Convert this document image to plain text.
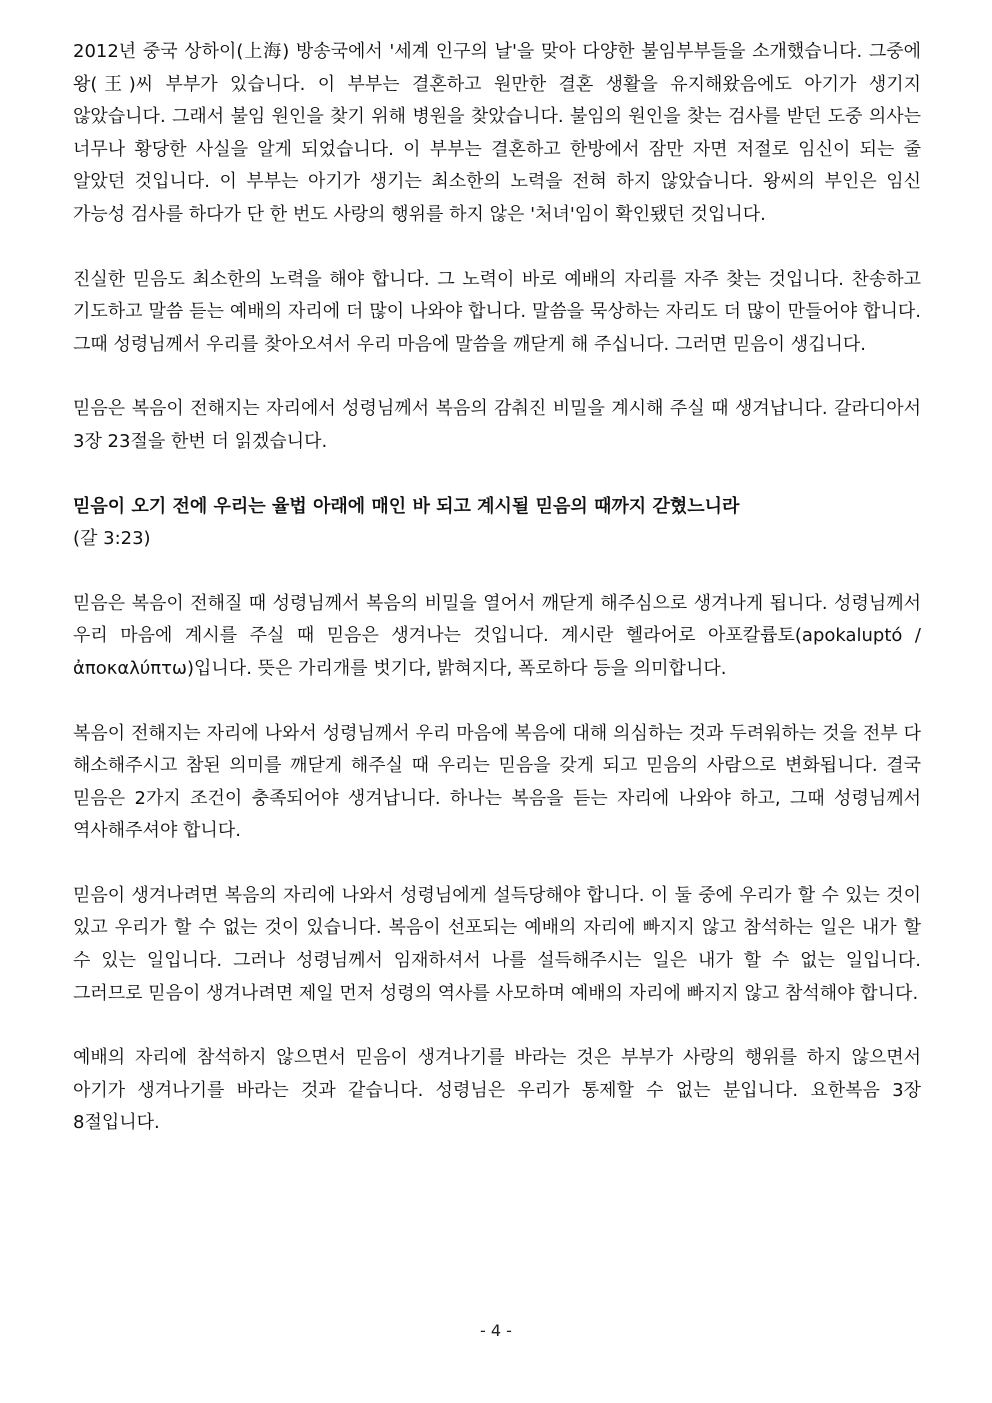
2012년 중국 상하이(上海) 방송국에서 '세계 인구의 날'을 맞아 다양한 불임부부들을 소개했습니다. 그중에 왕(王)씨 부부가 있습니다. 이 부부는 결혼하고 원만한 결혼 생활을 유지해왔음에도 아기가 생기지 않았습니다. 그래서 불임 원인을 찾기 위해 병원을 찾았습니다. 불임의 원인을 찾는 검사를 받던 도중 의사는 너무나 황당한 사실을 알게 되었습니다. 이 부부는 결혼하고 한방에서 잠만 자면 저절로 임신이 되는 줄 알았던 것입니다. 이 부부는 아기가 생기는 최소한의 노력을 전혀 하지 않았습니다. 왕씨의 부인은 임신 가능성 검사를 하다가 단 한 번도 사랑의 행위를 하지 않은 '처녀'임이 확인됐던 것입니다.

진실한 믿음도 최소한의 노력을 해야 합니다. 그 노력이 바로 예배의 자리를 자주 찾는 것입니다. 찬송하고 기도하고 말씀 듣는 예배의 자리에 더 많이 나와야 합니다. 말씀을 묵상하는 자리도 더 많이 만들어야 합니다. 그때 성령님께서 우리를 찾아오셔서 우리 마음에 말씀을 깨닫게 해 주십니다. 그러면 믿음이 생깁니다.

믿음은 복음이 전해지는 자리에서 성령님께서 복음의 감춰진 비밀을 계시해 주실 때 생겨납니다. 갈라디아서 3장 23절을 한번 더 읽겠습니다.

믿음이 오기 전에 우리는 율법 아래에 매인 바 되고 계시될 믿음의 때까지 갇혔느니라

(갈 3:23)

믿음은 복음이 전해질 때 성령님께서 복음의 비밀을 열어서 깨닫게 해주심으로 생겨나게 됩니다. 성령님께서 우리 마음에 계시를 주실 때 믿음은 생겨나는 것입니다. 계시란 헬라어로 아포칼륩토(apokaluptó / ἀποκαλύπτω)입니다. 뜻은 가리개를 벗기다, 밝혀지다, 폭로하다 등을 의미합니다.

복음이 전해지는 자리에 나와서 성령님께서 우리 마음에 복음에 대해 의심하는 것과 두려워하는 것을 전부 다 해소해주시고 참된 의미를 깨닫게 해주실 때 우리는 믿음을 갖게 되고 믿음의 사람으로 변화됩니다. 결국 믿음은 2가지 조건이 충족되어야 생겨납니다. 하나는 복음을 듣는 자리에 나와야 하고, 그때 성령님께서 역사해주셔야 합니다.

믿음이 생겨나려면 복음의 자리에 나와서 성령님에게 설득당해야 합니다. 이 둘 중에 우리가 할 수 있는 것이 있고 우리가 할 수 없는 것이 있습니다. 복음이 선포되는 예배의 자리에 빠지지 않고 참석하는 일은 내가 할 수 있는 일입니다. 그러나 성령님께서 임재하셔서 나를 설득해주시는 일은 내가 할 수 없는 일입니다. 그러므로 믿음이 생겨나려면 제일 먼저 성령의 역사를 사모하며 예배의 자리에 빠지지 않고 참석해야 합니다.

예배의 자리에 참석하지 않으면서 믿음이 생겨나기를 바라는 것은 부부가 사랑의 행위를 하지 않으면서 아기가 생겨나기를 바라는 것과 같습니다. 성령님은 우리가 통제할 수 없는 분입니다. 요한복음 3장 8절입니다.

- 4 -
